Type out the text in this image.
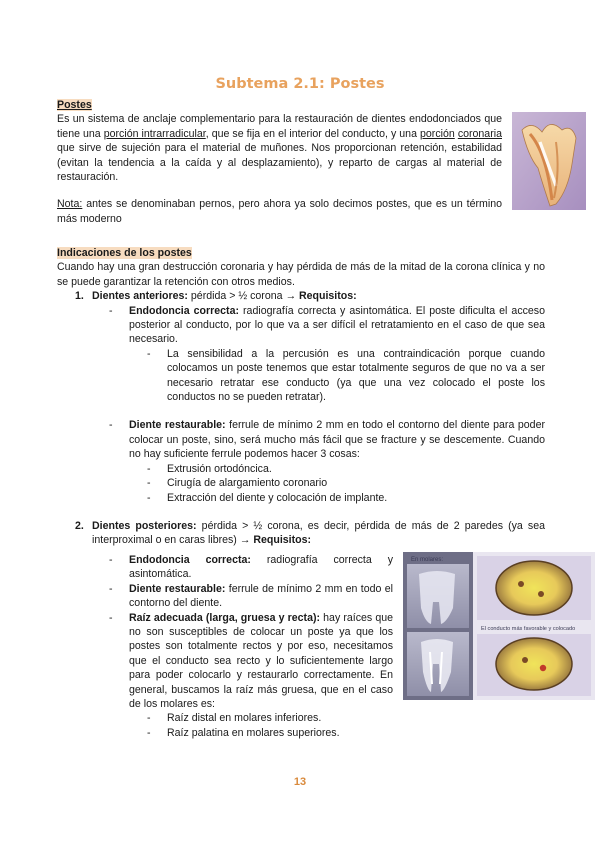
Subtema 2.1: Postes

Postes

Es un sistema de anclaje complementario para la restauración de dientes endodonciados que tiene una porción intrarradicular, que se fija en el interior del conducto, y una porción coronaria que sirve de sujeción para el material de muñones. Nos proporcionan retención, estabilidad (evitan la tendencia a la caída y al desplazamiento), y reparto de cargas al material de restauración.

Nota: antes se denominaban pernos, pero ahora ya solo decimos postes, que es un término más moderno

Indicaciones de los postes

Cuando hay una gran destrucción coronaria y hay pérdida de más de la mitad de la corona clínica y no se puede garantizar la retención con otros medios.

1. Dientes anteriores: pérdida > ½ corona → Requisitos:
-	Endodoncia correcta: radiografía correcta y asintomática. El poste dificulta el acceso posterior al conducto, por lo que va a ser difícil el retratamiento en el caso de que sea necesario.
-	La sensibilidad a la percusión es una contraindicación porque cuando colocamos un poste tenemos que estar totalmente seguros de que no va a ser necesario retratar ese conducto (ya que una vez colocado el poste los conductos no se pueden retratar).
-	Diente restaurable: ferrule de mínimo 2 mm en todo el contorno del diente para poder colocar un poste, sino, será mucho más fácil que se fracture y se descemente. Cuando no hay suficiente ferrule podemos hacer 3 cosas:
-	Extrusión ortodóncica.
-	Cirugía de alargamiento coronario
-	Extracción del diente y colocación de implante.
2. Dientes posteriores: pérdida > ½ corona, es decir, pérdida de más de 2 paredes (ya sea interproximal o en caras libres) → Requisitos:
-	Endodoncia correcta: radiografía correcta y asintomática.
-	Diente restaurable: ferrule de mínimo 2 mm en todo el contorno del diente.
-	Raíz adecuada (larga, gruesa y recta): hay raíces que no son susceptibles de colocar un poste ya que los postes son totalmente rectos y por eso, necesitamos que el conducto sea recto y lo suficientemente largo para poder colocarlo y restaurarlo correctamente. En general, buscamos la raíz más gruesa, que en el caso de los molares es:
-	Raíz distal en molares inferiores.
-	Raíz palatina en molares superiores.
En molares:
El conducto más favorable y colocado
13
